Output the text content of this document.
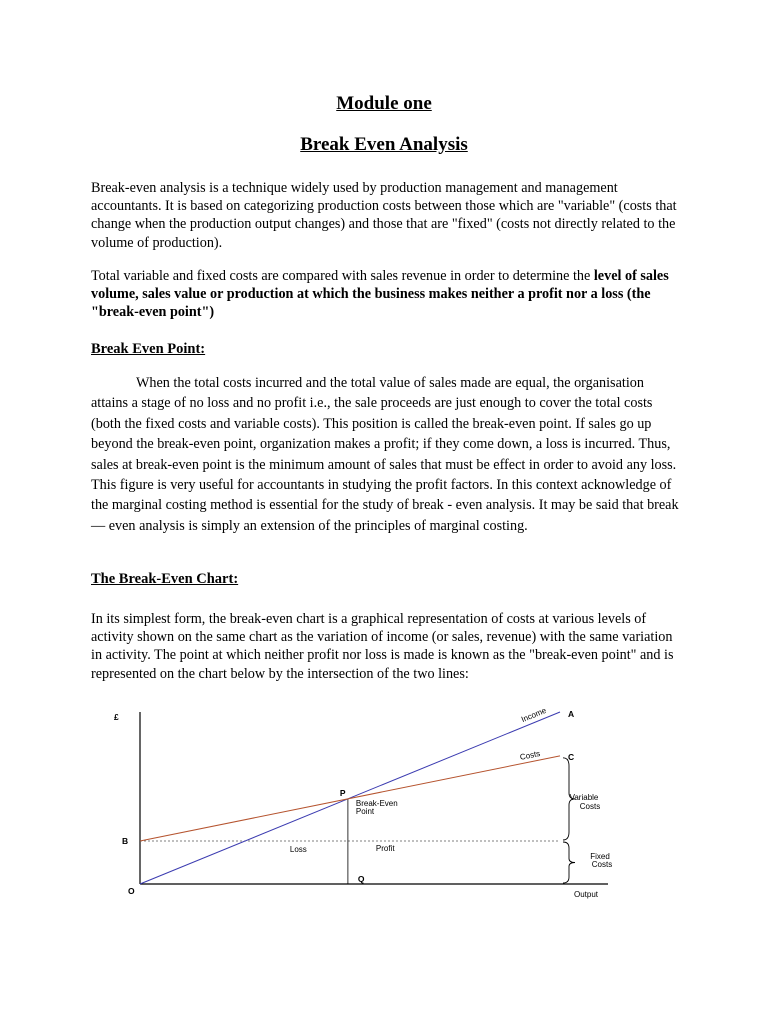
Module one
Break Even Analysis

Break-even analysis is a technique widely used by production management and management accountants. It is based on categorizing production costs between those which are "variable" (costs that change when the production output changes) and those that are "fixed" (costs not directly related to the volume of production).

Total variable and fixed costs are compared with sales revenue in order to determine the level of sales volume, sales value or production at which the business makes neither a profit nor a loss (the "break-even point")

Break Even Point:

When the total costs incurred and the total value of sales made are equal, the organisation attains a stage of no loss and no profit i.e., the sale proceeds are just enough to cover the total costs (both the fixed costs and variable costs). This position is called the break-even point. If sales go up beyond the break-even point, organization makes a profit; if they come down, a loss is incurred. Thus, sales at break-even point is the minimum amount of sales that must be effect in order to avoid any loss. This figure is very useful for accountants in studying the profit factors. In this context acknowledge of the marginal costing method is essential for the study of break - even analysis. It may be said that break — even analysis is simply an extension of the principles of marginal costing.

The Break-Even Chart:

In its simplest form, the break-even chart is a graphical representation of costs at various levels of activity shown on the same chart as the variation of income (or sales, revenue) with the same variation in activity. The point at which neither profit nor loss is made is known as the "break-even point" and is represented on the chart below by the intersection of the two lines:

£
Output
O
B
P
Q
A
C
Income
Costs
Break-Even
Point
Loss	Profit
Variable
Costs
Fixed
Costs
